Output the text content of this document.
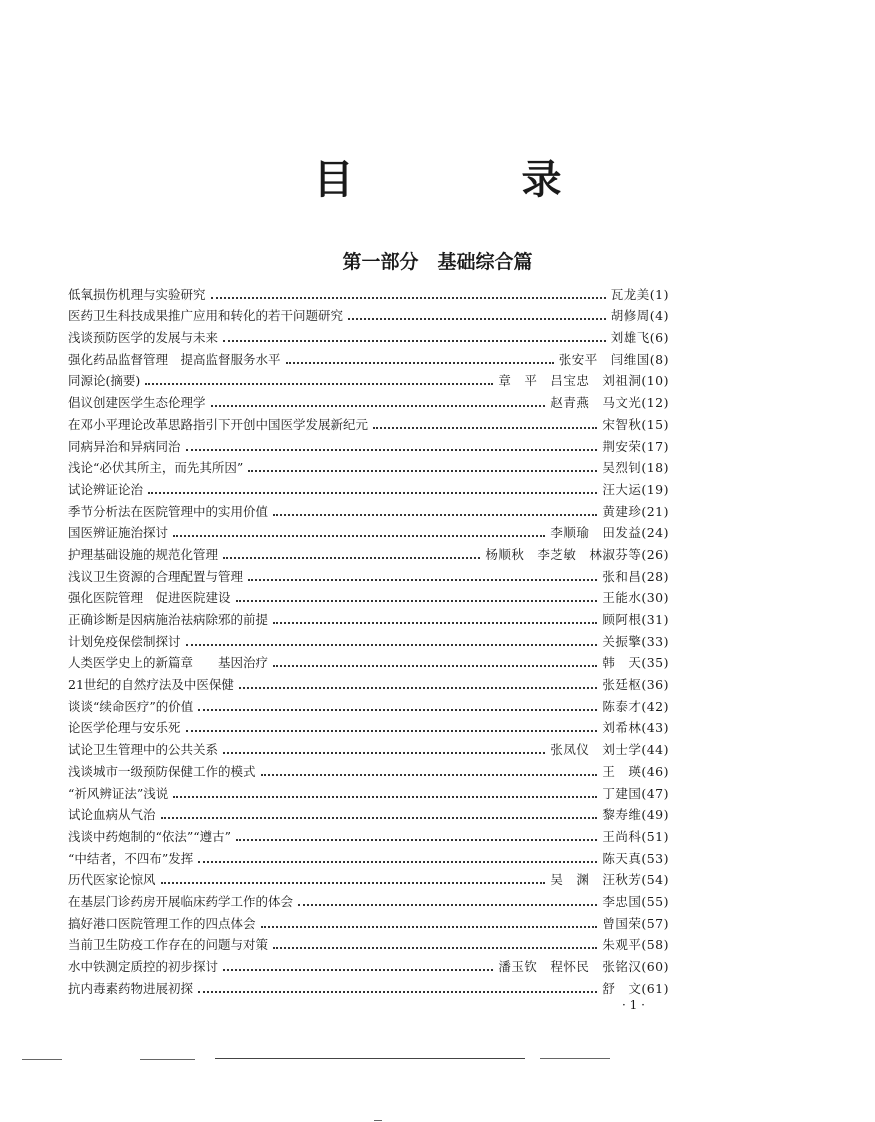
目　录
第一部分　基础综合篇
低氧损伤机理与实验研究	瓦龙美(1)
医药卫生科技成果推广应用和转化的若干问题研究	胡修周(4)
浅谈预防医学的发展与未来	刘雄飞(6)
强化药品监督管理　提高监督服务水平	张安平　闫维国(8)
同源论(摘要)	章　平　吕宝忠　刘祖洞(10)
倡议创建医学生态伦理学	赵青燕　马文光(12)
在邓小平理论改革思路指引下开创中国医学发展新纪元	宋智秋(15)
同病异治和异病同治	荆安荣(17)
浅论“必伏其所主，而先其所因”	吴烈钊(18)
试论辨证论治	汪大运(19)
季节分析法在医院管理中的实用价值	黄建珍(21)
国医辨证施治探讨	李顺瑜　田发益(24)
护理基础设施的规范化管理	杨顺秋　李芝敏　林淑芬等(26)
浅议卫生资源的合理配置与管理	张和昌(28)
强化医院管理　促进医院建设	王能水(30)
正确诊断是因病施治祛病除邪的前提	顾阿根(31)
计划免疫保偿制探讨	关振擎(33)
人类医学史上的新篇章　　基因治疗	韩　天(35)
21世纪的自然疗法及中医保健	张廷枢(36)
谈谈“续命医疗”的价值	陈泰才(42)
论医学伦理与安乐死	刘希林(43)
试论卫生管理中的公共关系	张凤仪　刘士学(44)
浅谈城市一级预防保健工作的模式	王　瑛(46)
“祈风辨证法”浅说	丁建国(47)
试论血病从气治	黎寿维(49)
浅谈中药炮制的“依法”“遵古”	王尚科(51)
“中结者，不四布”发挥	陈天真(53)
历代医家论惊风	吴　渊　汪秋芳(54)
在基层门诊药房开展临床药学工作的体会	李忠国(55)
搞好港口医院管理工作的四点体会	曾国荣(57)
当前卫生防疫工作存在的问题与对策	朱观平(58)
水中铁测定质控的初步探讨	潘玉钦　程怀民　张铭汉(60)
抗内毒素药物进展初探	舒　文(61)
· 1 ·
